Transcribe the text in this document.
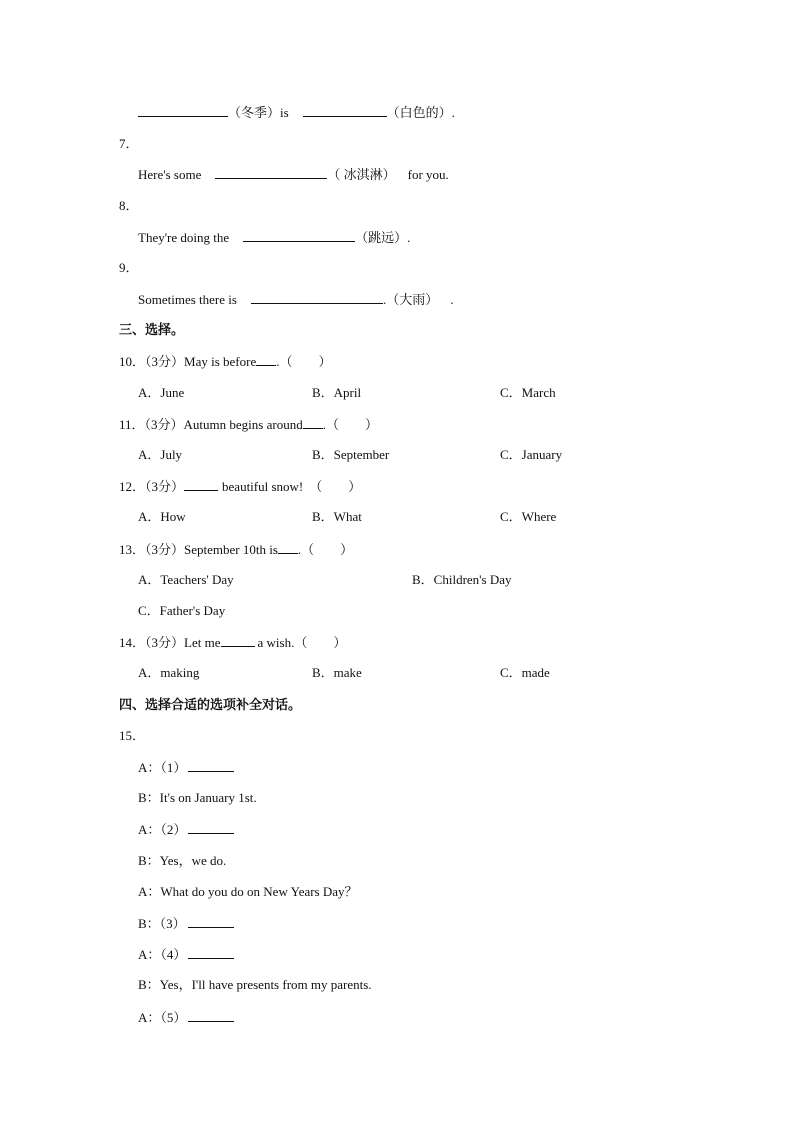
（冬季）is	（白色的）.
7．
Here's some	（ 冰淇淋） for you.
8．
They're doing the	（跳远）.
9．
Sometimes there is	.（大雨） .
三、选择。
10．（3分）May is before .（　　）
A．June	B．April	C．March
11．（3分）Autumn begins around .（　　）
A．July	B．September	C．January
12．（3分）	beautiful snow! （　　）
A．How	B．What	C．Where
13．（3分）September 10th is .（　　）
A．Teachers' Day	B．Children's Day
C．Father's Day
14．（3分）Let me	a wish.（　　）
A．making	B．make	C．made
四、选择合适的选项补全对话。
15．
A：（1）
B：It's on January 1st.
A：（2）
B：Yes，we do.
A：What do you do on New Years Day？
B：（3）
A：（4）
B：Yes，I'll have presents from my parents.
A：（5）
